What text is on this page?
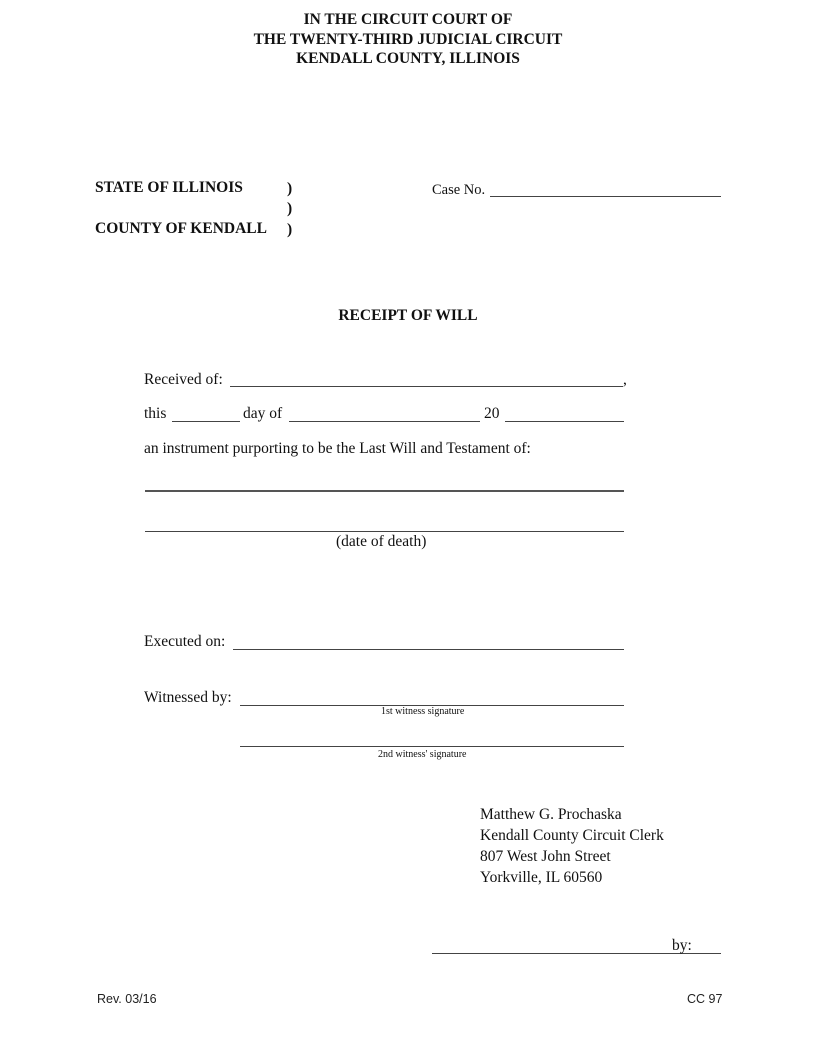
IN THE CIRCUIT COURT OF
THE TWENTY-THIRD JUDICIAL CIRCUIT
KENDALL COUNTY, ILLINOIS
STATE OF ILLINOIS	)
)
COUNTY OF KENDALL )
Case No.
RECEIPT OF WILL
Received of:	,
this	day of	20
an instrument purporting to be the Last Will and Testament of:
(date of death)
Executed on:
Witnessed by:
1st witness signature
2nd witness' signature
Matthew G. Prochaska
Kendall County Circuit Clerk
807 West John Street
Yorkville, IL 60560
by:
Rev. 03/16	CC 97
